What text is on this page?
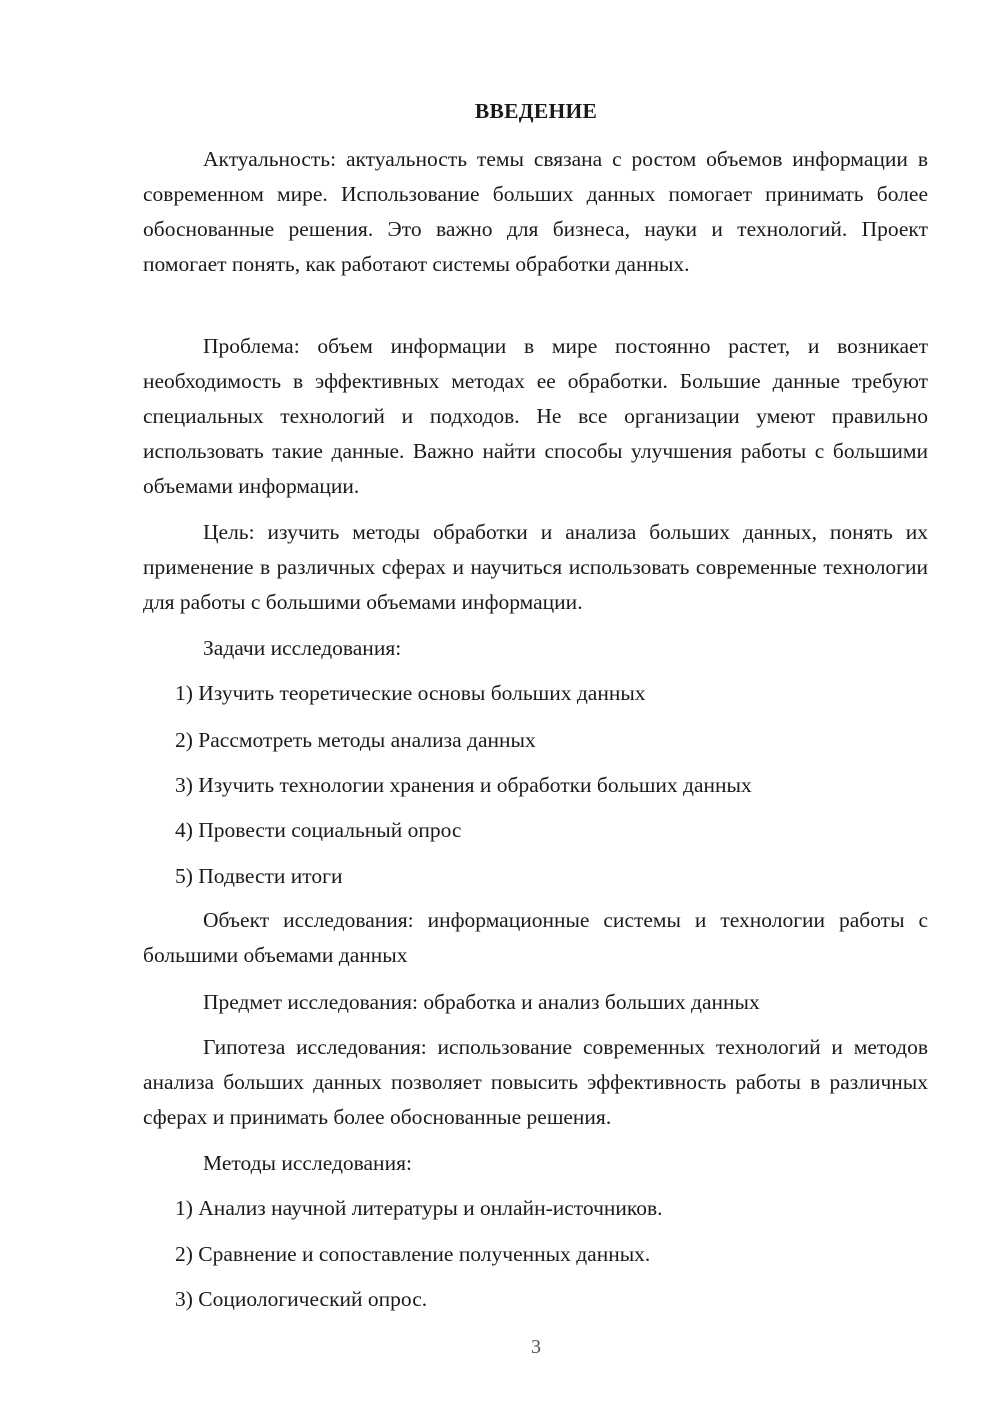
ВВЕДЕНИЕ

Актуальность: актуальность темы связана с ростом объемов информации в современном мире. Использование больших данных помогает принимать более обоснованные решения. Это важно для бизнеса, науки и технологий. Проект помогает понять, как работают системы обработки данных.

Проблема: объем информации в мире постоянно растет, и возникает необходимость в эффективных методах ее обработки. Большие данные требуют специальных технологий и подходов. Не все организации умеют правильно использовать такие данные. Важно найти способы улучшения работы с большими объемами информации.

Цель: изучить методы обработки и анализа больших данных, понять их применение в различных сферах и научиться использовать современные технологии для работы с большими объемами информации.

Задачи исследования:

1) Изучить теоретические основы больших данных

2) Рассмотреть методы анализа данных

3) Изучить технологии хранения и обработки больших данных

4) Провести социальный опрос

5) Подвести итоги

Объект исследования: информационные системы и технологии работы с большими объемами данных

Предмет исследования: обработка и анализ больших данных

Гипотеза исследования: использование современных технологий и методов анализа больших данных позволяет повысить эффективность работы в различных сферах и принимать более обоснованные решения.

Методы исследования:

1) Анализ научной литературы и онлайн-источников.

2) Сравнение и сопоставление полученных данных.

3) Социологический опрос.

3
